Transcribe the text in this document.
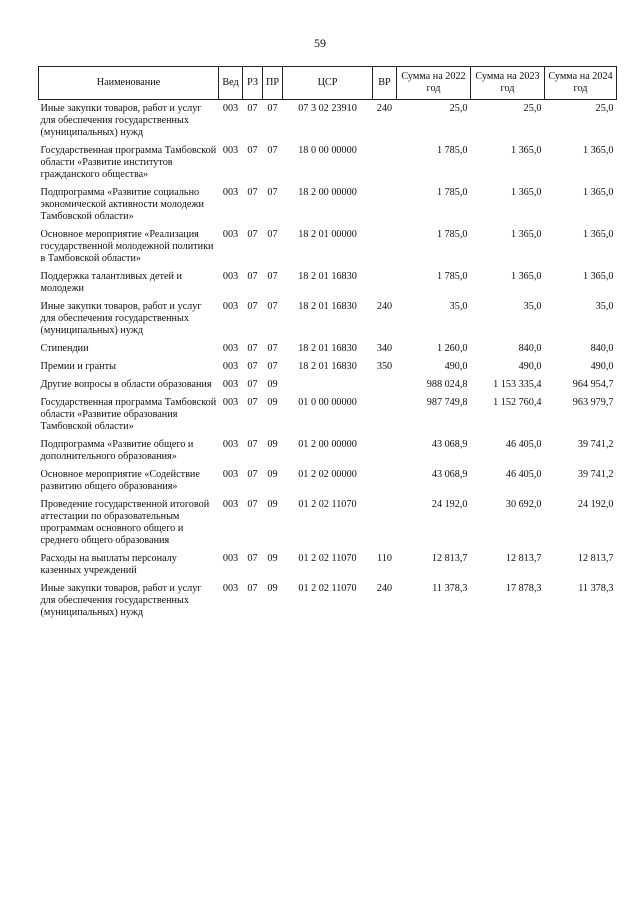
59
Наименование	Вед	РЗ	ПР	ЦСР	ВР	Сумма на 2022 год	Сумма на 2023 год	Сумма на 2024 год
Иные закупки товаров, работ и услуг для обеспечения государственных (муниципальных) нужд	003	07	07	07 3 02 23910	240	25,0	25,0	25,0
Государственная программа Тамбовской области «Развитие институтов гражданского общества»	003	07	07	18 0 00 00000		1 785,0	1 365,0	1 365,0
Подпрограмма «Развитие социально экономической активности молодежи Тамбовской области»	003	07	07	18 2 00 00000		1 785,0	1 365,0	1 365,0
Основное мероприятие «Реализация государственной молодежной политики в Тамбовской области»	003	07	07	18 2 01 00000		1 785,0	1 365,0	1 365,0
Поддержка талантливых детей и молодежи	003	07	07	18 2 01 16830		1 785,0	1 365,0	1 365,0
Иные закупки товаров, работ и услуг для обеспечения государственных (муниципальных) нужд	003	07	07	18 2 01 16830	240	35,0	35,0	35,0
Стипендии	003	07	07	18 2 01 16830	340	1 260,0	840,0	840,0
Премии и гранты	003	07	07	18 2 01 16830	350	490,0	490,0	490,0
Другие вопросы в области образования	003	07	09			988 024,8	1 153 335,4	964 954,7
Государственная программа Тамбовской области «Развитие образования Тамбовской области»	003	07	09	01 0 00 00000		987 749,8	1 152 760,4	963 979,7
Подпрограмма «Развитие общего и дополнительного образования»	003	07	09	01 2 00 00000		43 068,9	46 405,0	39 741,2
Основное мероприятие «Содействие развитию общего образования»	003	07	09	01 2 02 00000		43 068,9	46 405,0	39 741,2
Проведение государственной итоговой аттестации по образовательным программам основного общего и среднего общего образования	003	07	09	01 2 02 11070		24 192,0	30 692,0	24 192,0
Расходы на выплаты персоналу казенных учреждений	003	07	09	01 2 02 11070	110	12 813,7	12 813,7	12 813,7
Иные закупки товаров, работ и услуг для обеспечения государственных (муниципальных) нужд	003	07	09	01 2 02 11070	240	11 378,3	17 878,3	11 378,3
